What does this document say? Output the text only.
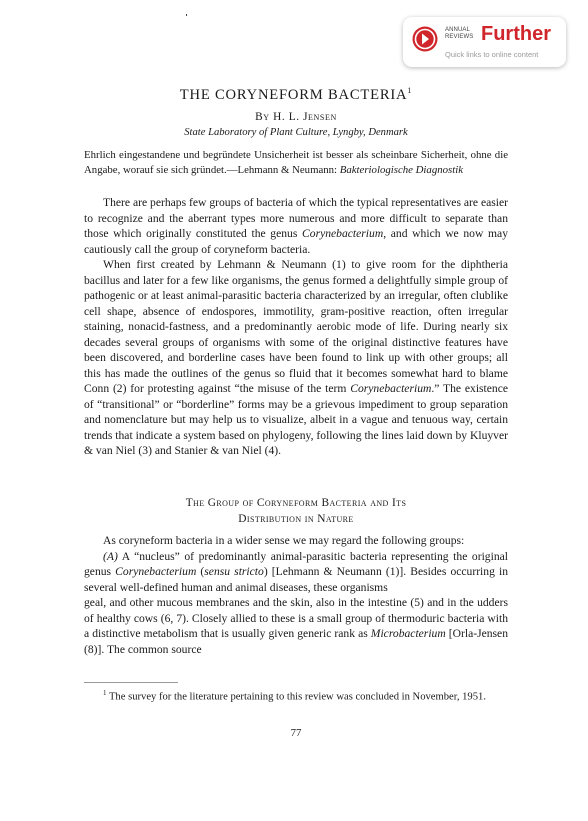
ANNUAL
REVIEWS Further
Quick links to online content
THE CORYNEFORM BACTERIA$^1$
By H. L. Jensen
State Laboratory of Plant Culture, Lyngby, Denmark
Ehrlich eingestandene und begründete Unsicherheit ist besser als scheinbare Sicherheit, ohne die Angabe, worauf sie sich gründet.—Lehmann & Neumann: Bakteriologische Diagnostik

There are perhaps few groups of bacteria of which the typical representatives are easier to recognize and the aberrant types more numerous and more difficult to separate than those which originally constituted the genus Corynebacterium, and which we now may cautiously call the group of coryneform bacteria.

When first created by Lehmann & Neumann (1) to give room for the diphtheria bacillus and later for a few like organisms, the genus formed a delightfully simple group of pathogenic or at least animal-parasitic bacteria characterized by an irregular, often clublike cell shape, absence of endospores, immotility, gram-positive reaction, often irregular staining, nonacid-fastness, and a predominantly aerobic mode of life. During nearly six decades several groups of organisms with some of the original distinctive features have been discovered, and borderline cases have been found to link up with other groups; all this has made the outlines of the genus so fluid that it becomes somewhat hard to blame Conn (2) for protesting against “the misuse of the term Corynebacterium.” The existence of “transitional” or “borderline” forms may be a grievous impediment to group separation and nomenclature but may help us to visualize, albeit in a vague and tenuous way, certain trends that indicate a system based on phylogeny, following the lines laid down by Kluyver & van Niel (3) and Stanier & van Niel (4).

The Group of Coryneform Bacteria and Its
Distribution in Nature

As coryneform bacteria in a wider sense we may regard the following groups:

(A) A “nucleus” of predominantly animal-parasitic bacteria representing the original genus Corynebacterium (sensu stricto) [Lehmann & Neumann (1)]. Besides occurring in several well-defined human and animal diseases, these organisms

geal, and other mucous membranes and the skin, also in the intestine (5) and in the udders of healthy cows (6, 7). Closely allied to these is a small group of thermoduric bacteria with a distinctive metabolism that is usually given generic rank as Microbacterium [Orla-Jensen (8)]. The common source

$^1$ The survey for the literature pertaining to this review was concluded in November, 1951.
77
